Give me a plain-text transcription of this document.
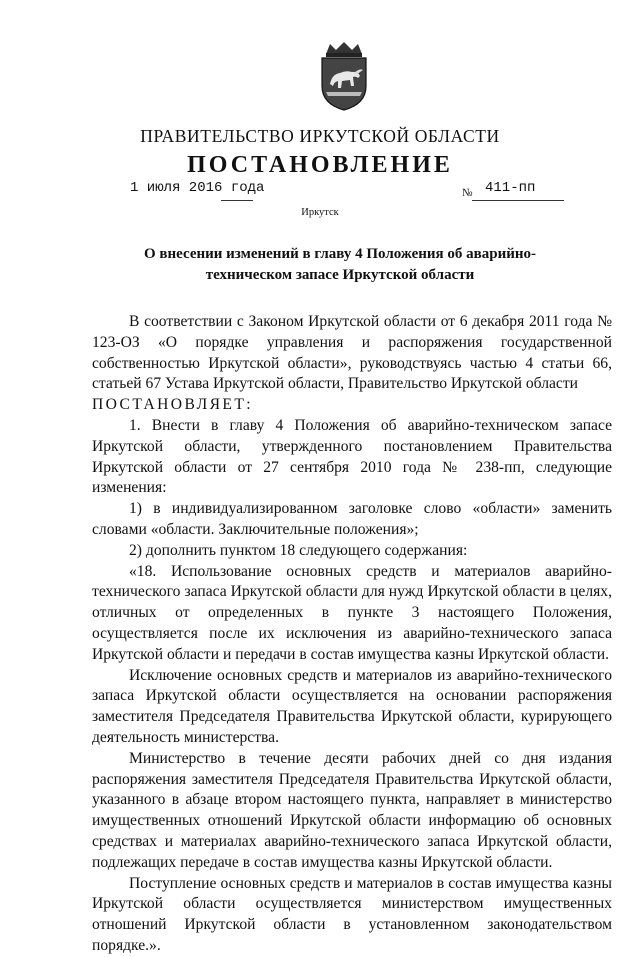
ПРАВИТЕЛЬСТВО ИРКУТСКОЙ ОБЛАСТИ
ПОСТАНОВЛЕНИЕ
1 июля 2016 года	№ 411-пп
Иркутск
О внесении изменений в главу 4 Положения об аварийно-техническом запасе Иркутской области

В соответствии с Законом Иркутской области от 6 декабря 2011 года № 123-ОЗ «О порядке управления и распоряжения государственной собственностью Иркутской области», руководствуясь частью 4 статьи 66, статьей 67 Устава Иркутской области, Правительство Иркутской области

ПОСТАНОВЛЯЕТ:

1. Внести в главу 4 Положения об аварийно-техническом запасе Иркутской области, утвержденного постановлением Правительства Иркутской области от 27 сентября 2010 года № 238-пп, следующие изменения:

1) в индивидуализированном заголовке слово «области» заменить словами «области. Заключительные положения»;

2) дополнить пунктом 18 следующего содержания:

«18. Использование основных средств и материалов аварийно-технического запаса Иркутской области для нужд Иркутской области в целях, отличных от определенных в пункте 3 настоящего Положения, осуществляется после их исключения из аварийно-технического запаса Иркутской области и передачи в состав имущества казны Иркутской области.

Исключение основных средств и материалов из аварийно-технического запаса Иркутской области осуществляется на основании распоряжения заместителя Председателя Правительства Иркутской области, курирующего деятельность министерства.

Министерство в течение десяти рабочих дней со дня издания распоряжения заместителя Председателя Правительства Иркутской области, указанного в абзаце втором настоящего пункта, направляет в министерство имущественных отношений Иркутской области информацию об основных средствах и материалах аварийно-технического запаса Иркутской области, подлежащих передаче в состав имущества казны Иркутской области.

Поступление основных средств и материалов в состав имущества казны Иркутской области осуществляется министерством имущественных отношений Иркутской области в установленном законодательством порядке.».
